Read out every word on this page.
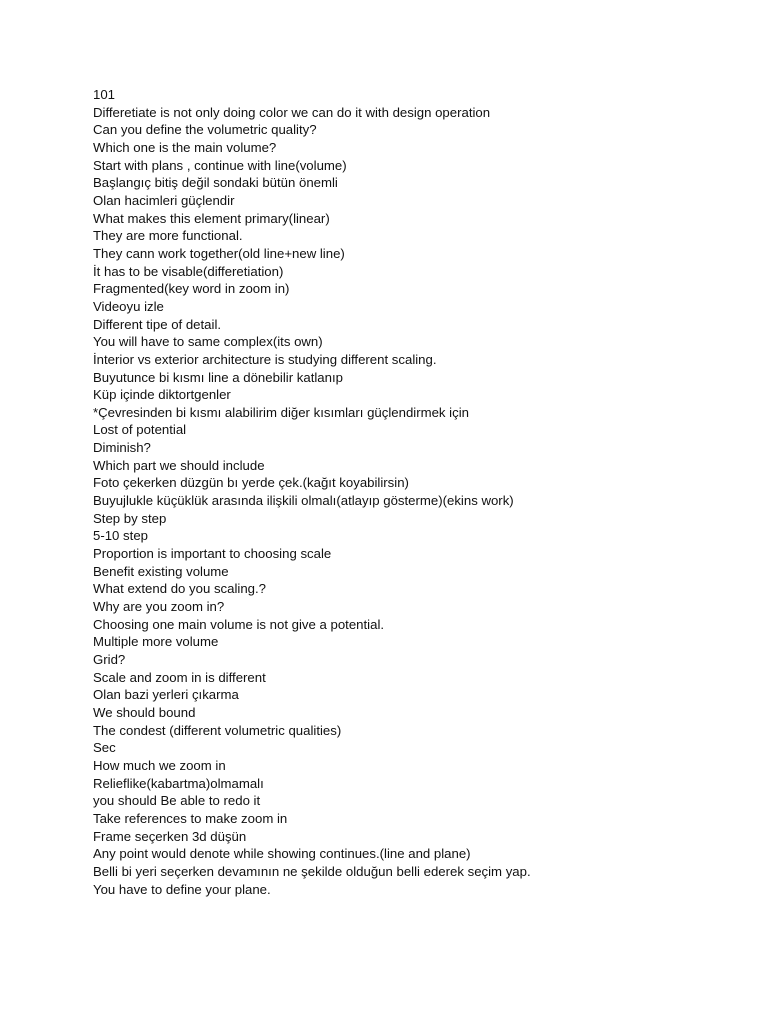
101
Differetiate is not only doing color we can do it with design operation
Can you define the volumetric quality?
Which one is the main volume?
Start with plans , continue with line(volume)
Başlangıç bitiş değil sondaki bütün önemli
Olan hacimleri güçlendir
What makes this element primary(linear)
They are more functional.
They cann work together(old line+new line)
İt has to be visable(differetiation)
Fragmented(key word in zoom in)
Videoyu izle
Different tipe of detail.
You will have to same complex(its own)
İnterior vs exterior architecture is studying different scaling.
Buyutunce bi kısmı line a dönebilir katlanıp
Küp içinde diktortgenler
*Çevresinden bi kısmı alabilirim diğer kısımları güçlendirmek için
Lost of potential
Diminish?
Which part we should include
Foto çekerken düzgün bı yerde çek.(kağıt koyabilirsin)
Buyujlukle küçüklük arasında ilişkili olmalı(atlayıp gösterme)(ekins work)
Step by step
5-10 step
Proportion is important to choosing scale
Benefit existing volume
What extend do you scaling.?
Why are you zoom in?
Choosing one main volume is not give a potential.
Multiple more volume
Grid?
Scale and zoom in is different
Olan bazi yerleri çıkarma
We should bound
The condest (different volumetric qualities)
Sec
How much we zoom in
Relieflike(kabartma)olmamalı
you should Be able to redo it
Take references to make zoom in
Frame seçerken 3d düşün
Any point would denote while showing continues.(line and plane)
Belli bi yeri seçerken devamının ne şekilde olduğun belli ederek seçim yap.
You have to define your plane.
